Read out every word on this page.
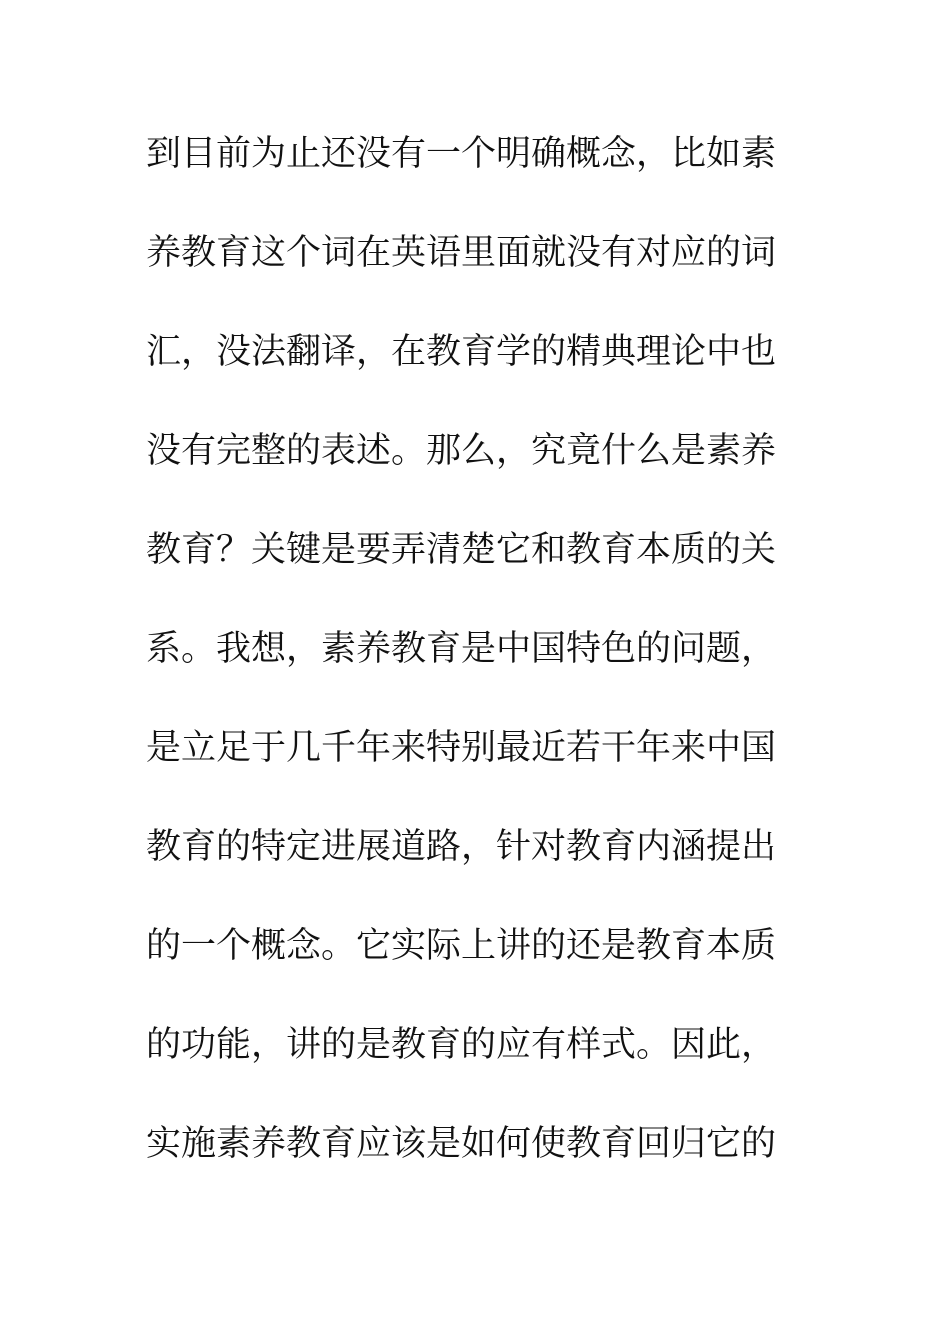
到目前为止还没有一个明确概念，比如素
养教育这个词在英语里面就没有对应的词
汇，没法翻译，在教育学的精典理论中也
没有完整的表述。那么，究竟什么是素养
教育？关键是要弄清楚它和教育本质的关
系。我想，素养教育是中国特色的问题，
是立足于几千年来特别最近若干年来中国
教育的特定进展道路，针对教育内涵提出
的一个概念。它实际上讲的还是教育本质
的功能，讲的是教育的应有样式。因此，
实施素养教育应该是如何使教育回归它的
